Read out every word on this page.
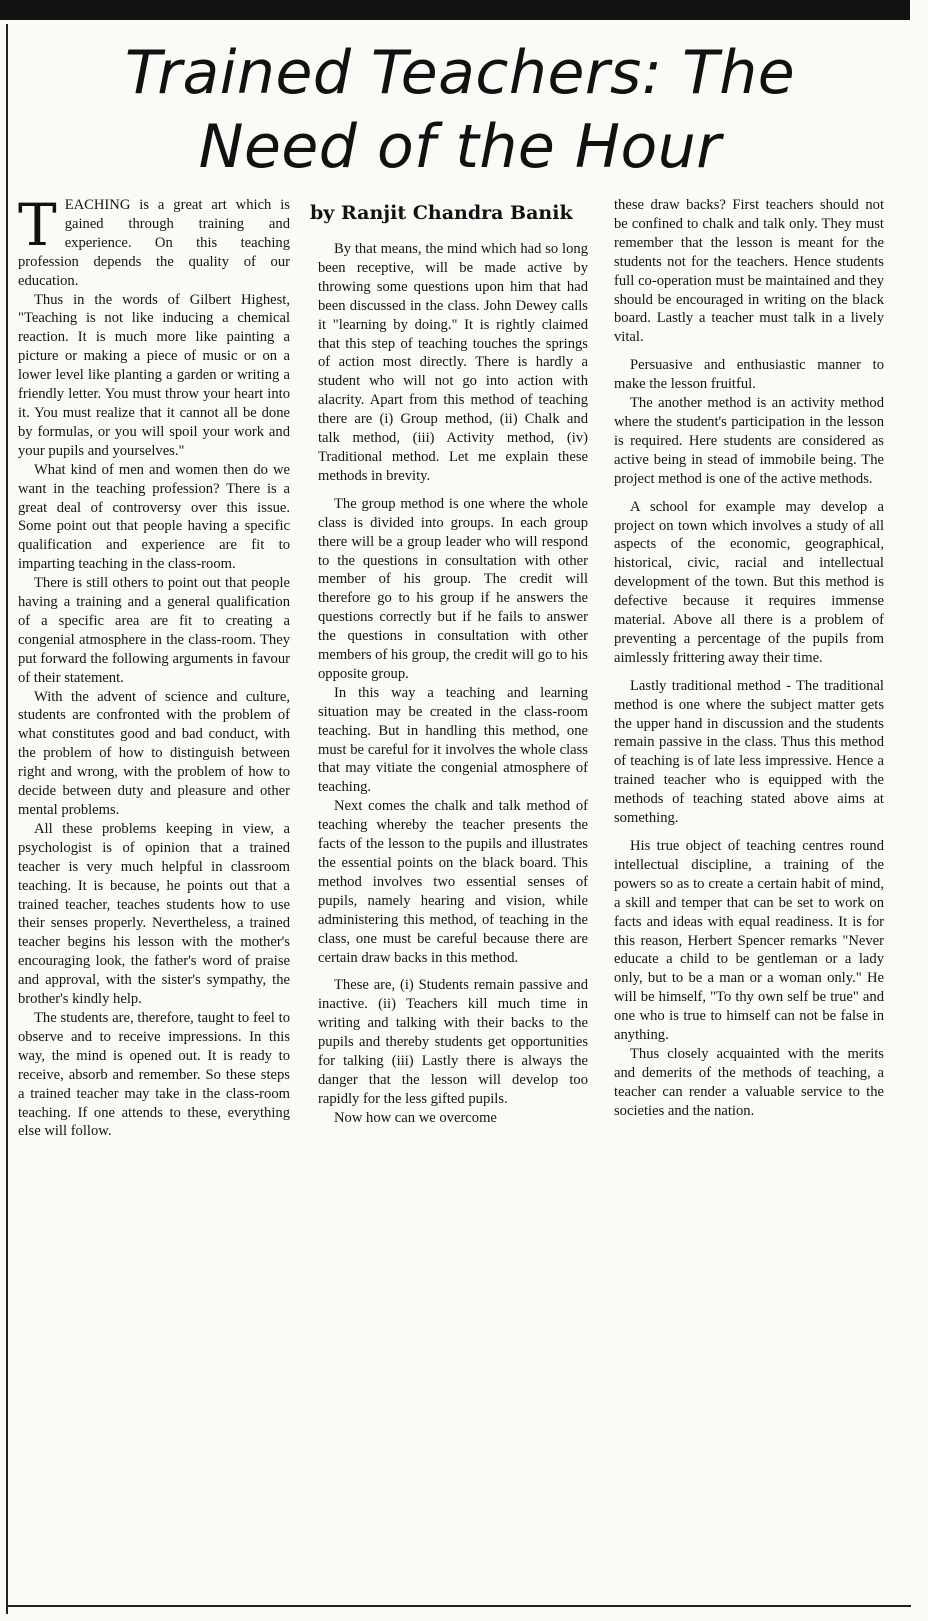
Trained Teachers: The
Need of the Hour
by Ranjit Chandra Banik

TEACHING is a great art which is gained through training and experience. On this teaching profession depends the quality of our education.

Thus in the words of Gilbert Highest, "Teaching is not like inducing a chemical reaction. It is much more like painting a picture or making a piece of music or on a lower level like planting a garden or writing a friendly letter. You must throw your heart into it. You must realize that it cannot all be done by formulas, or you will spoil your work and your pupils and yourselves."

What kind of men and women then do we want in the teaching profession? There is a great deal of controversy over this issue. Some point out that people having a specific qualification and experience are fit to imparting teaching in the class-room.

There is still others to point out that people having a training and a general qualification of a specific area are fit to creating a congenial atmosphere in the class-room. They put forward the following arguments in favour of their statement.

With the advent of science and culture, students are confronted with the problem of what constitutes good and bad conduct, with the problem of how to distinguish between right and wrong, with the problem of how to decide between duty and pleasure and other mental problems.

All these problems keeping in view, a psychologist is of opinion that a trained teacher is very much helpful in classroom teaching. It is because, he points out that a trained teacher, teaches students how to use their senses properly. Nevertheless, a trained teacher begins his lesson with the mother's encouraging look, the father's word of praise and approval, with the sister's sympathy, the brother's kindly help.

The students are, therefore, taught to feel to observe and to receive impressions. In this way, the mind is opened out. It is ready to receive, absorb and remember. So these steps a trained teacher may take in the class-room teaching. If one attends to these, everything else will follow.

By that means, the mind which had so long been receptive, will be made active by throwing some questions upon him that had been discussed in the class. John Dewey calls it "learning by doing." It is rightly claimed that this step of teaching touches the springs of action most directly. There is hardly a student who will not go into action with alacrity. Apart from this method of teaching there are (i) Group method, (ii) Chalk and talk method, (iii) Activity method, (iv) Traditional method. Let me explain these methods in brevity.

The group method is one where the whole class is divided into groups. In each group there will be a group leader who will respond to the questions in consultation with other member of his group. The credit will therefore go to his group if he answers the questions correctly but if he fails to answer the questions in consultation with other members of his group, the credit will go to his opposite group.

In this way a teaching and learning situation may be created in the class-room teaching. But in handling this method, one must be careful for it involves the whole class that may vitiate the congenial atmosphere of teaching.

Next comes the chalk and talk method of teaching whereby the teacher presents the facts of the lesson to the pupils and illustrates the essential points on the black board. This method involves two essential senses of pupils, namely hearing and vision, while administering this method, of teaching in the class, one must be careful because there are certain draw backs in this method.

These are, (i) Students remain passive and inactive. (ii) Teachers kill much time in writing and talking with their backs to the pupils and thereby students get opportunities for talking (iii) Lastly there is always the danger that the lesson will develop too rapidly for the less gifted pupils.

Now how can we overcome

these draw backs? First teachers should not be confined to chalk and talk only. They must remember that the lesson is meant for the students not for the teachers. Hence students full co-operation must be maintained and they should be encouraged in writing on the black board. Lastly a teacher must talk in a lively vital.

Persuasive and enthusiastic manner to make the lesson fruitful.

The another method is an activity method where the student's participation in the lesson is required. Here students are considered as active being in stead of immobile being. The project method is one of the active methods.

A school for example may develop a project on town which involves a study of all aspects of the economic, geographical, historical, civic, racial and intellectual development of the town. But this method is defective because it requires immense material. Above all there is a problem of preventing a percentage of the pupils from aimlessly frittering away their time.

Lastly traditional method - The traditional method is one where the subject matter gets the upper hand in discussion and the students remain passive in the class. Thus this method of teaching is of late less impressive. Hence a trained teacher who is equipped with the methods of teaching stated above aims at something.

His true object of teaching centres round intellectual discipline, a training of the powers so as to create a certain habit of mind, a skill and temper that can be set to work on facts and ideas with equal readiness. It is for this reason, Herbert Spencer remarks "Never educate a child to be gentleman or a lady only, but to be a man or a woman only." He will be himself, "To thy own self be true" and one who is true to himself can not be false in anything.

Thus closely acquainted with the merits and demerits of the methods of teaching, a teacher can render a valuable service to the societies and the nation.
